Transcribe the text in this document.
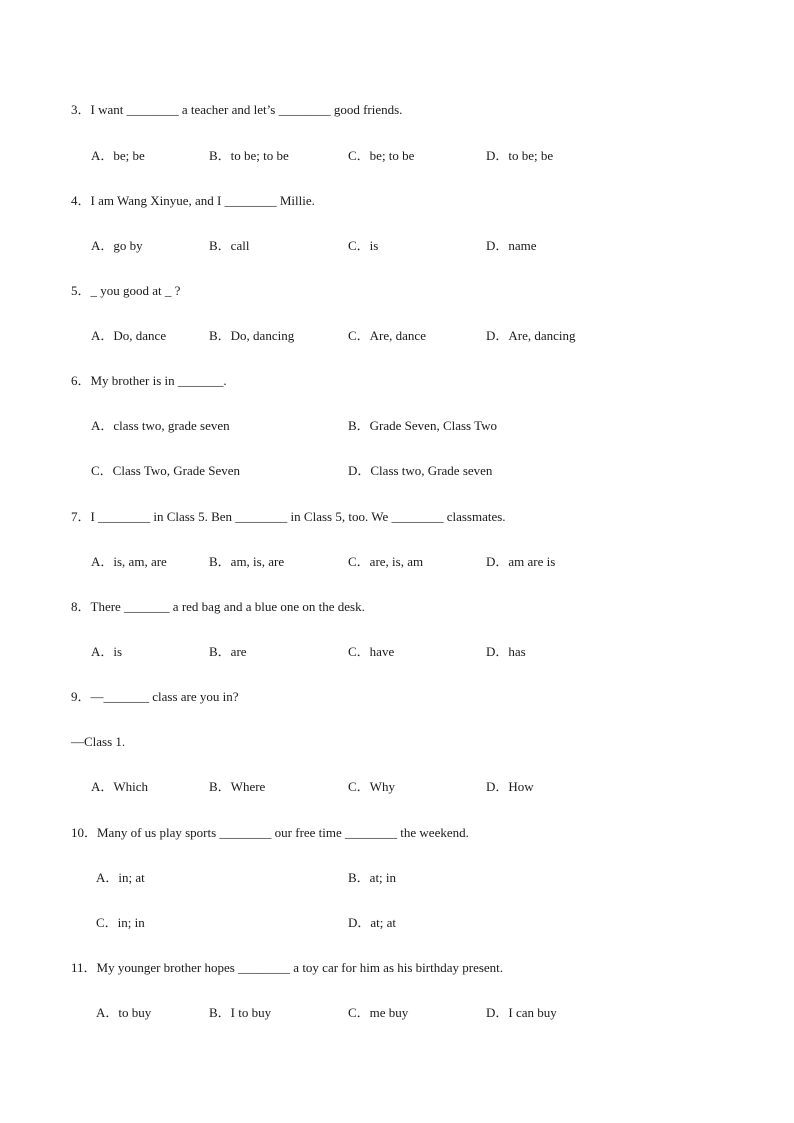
3．I want ________ a teacher and let’s ________ good friends.
A．be; be	B．to be; to be	C．be; to be	D．to be; be
4．I am Wang Xinyue, and I ________ Millie.
A．go by	B．call	C．is	D．name
5．_ you good at _ ?
A．Do, dance	B．Do, dancing	C．Are, dance	D．Are, dancing
6．My brother is in _______.
A．class two, grade seven	B．Grade Seven, Class Two
C．Class Two, Grade Seven	D．Class two, Grade seven
7．I ________ in Class 5. Ben ________ in Class 5, too. We ________ classmates.
A．is, am, are	B．am, is, are	C．are, is, am	D．am are is
8．There _______ a red bag and a blue one on the desk.
A．is	B．are	C．have	D．has
9．—_______ class are you in?
—Class 1.
A．Which	B．Where	C．Why	D．How
10．Many of us play sports ________ our free time ________ the weekend.
A．in; at	B．at; in
C．in; in	D．at; at
11．My younger brother hopes ________ a toy car for him as his birthday present.
A．to buy	B．I to buy	C．me buy	D．I can buy
